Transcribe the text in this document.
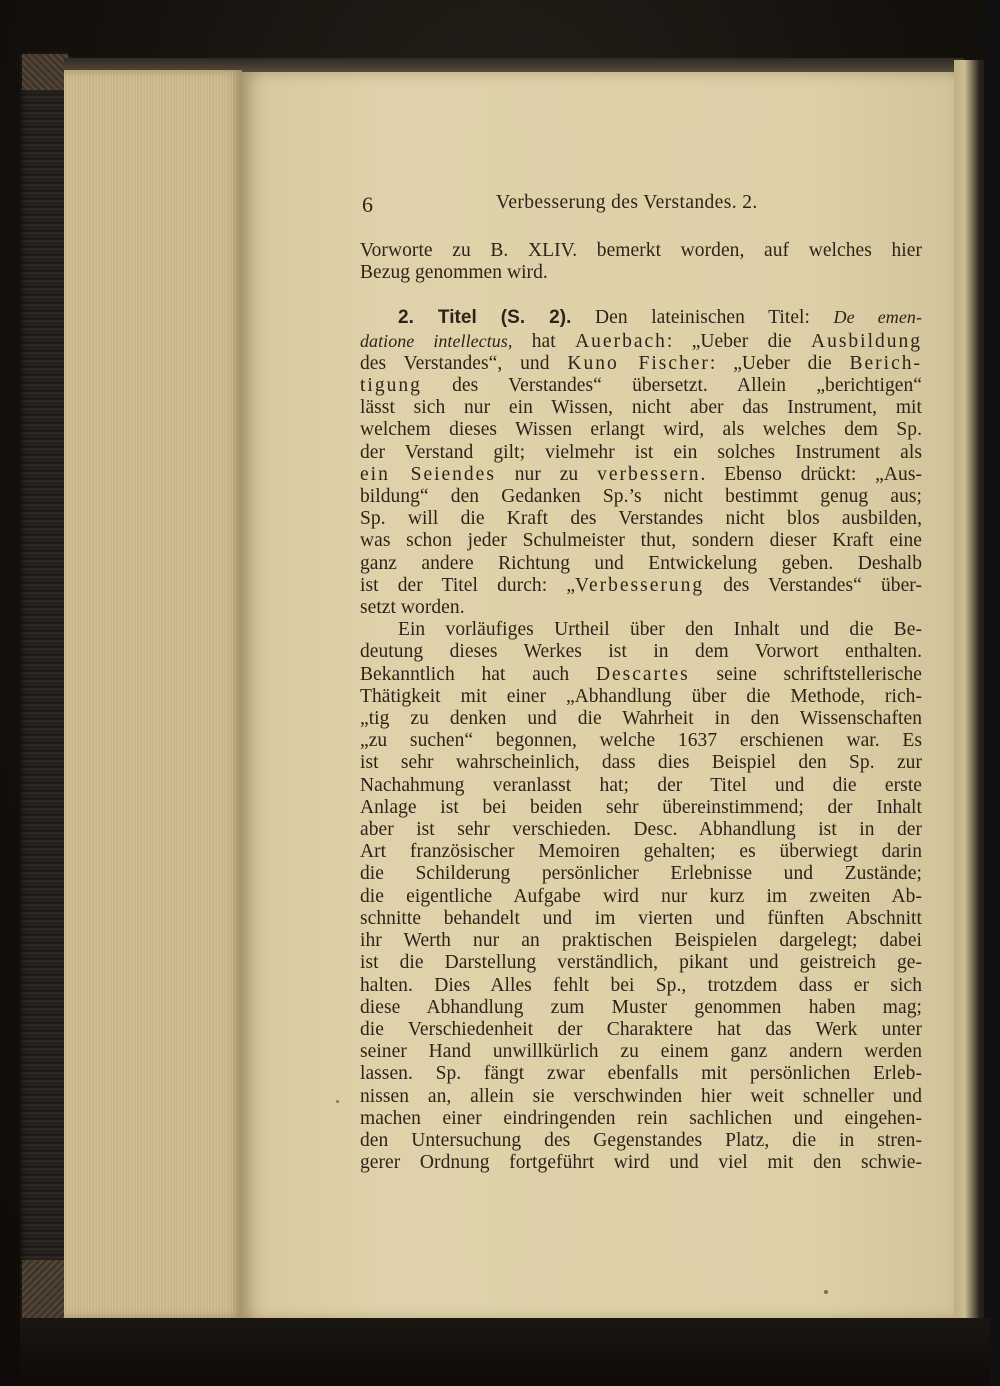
6	Verbesserung des Verstandes. 2.
Vorworte zu B. XLIV. bemerkt worden, auf welches hier
Bezug genommen wird.
2. Titel (S. 2). Den lateinischen Titel: De emen-
datione intellectus, hat Auerbach: „Ueber die Ausbildung
des Verstandes“, und Kuno Fischer: „Ueber die Berich-
tigung des Verstandes“ übersetzt. Allein „berichtigen“
lässt sich nur ein Wissen, nicht aber das Instrument, mit
welchem dieses Wissen erlangt wird, als welches dem Sp.
der Verstand gilt; vielmehr ist ein solches Instrument als
ein Seiendes nur zu verbessern. Ebenso drückt: „Aus-
bildung“ den Gedanken Sp.’s nicht bestimmt genug aus;
Sp. will die Kraft des Verstandes nicht blos ausbilden,
was schon jeder Schulmeister thut, sondern dieser Kraft eine
ganz andere Richtung und Entwickelung geben. Deshalb
ist der Titel durch: „Verbesserung des Verstandes“ über-
setzt worden.
Ein vorläufiges Urtheil über den Inhalt und die Be-
deutung dieses Werkes ist in dem Vorwort enthalten.
Bekanntlich hat auch Descartes seine schriftstellerische
Thätigkeit mit einer „Abhandlung über die Methode, rich-
„tig zu denken und die Wahrheit in den Wissenschaften
„zu suchen“ begonnen, welche 1637 erschienen war. Es
ist sehr wahrscheinlich, dass dies Beispiel den Sp. zur
Nachahmung veranlasst hat; der Titel und die erste
Anlage ist bei beiden sehr übereinstimmend; der Inhalt
aber ist sehr verschieden. Desc. Abhandlung ist in der
Art französischer Memoiren gehalten; es überwiegt darin
die Schilderung persönlicher Erlebnisse und Zustände;
die eigentliche Aufgabe wird nur kurz im zweiten Ab-
schnitte behandelt und im vierten und fünften Abschnitt
ihr Werth nur an praktischen Beispielen dargelegt; dabei
ist die Darstellung verständlich, pikant und geistreich ge-
halten. Dies Alles fehlt bei Sp., trotzdem dass er sich
diese Abhandlung zum Muster genommen haben mag;
die Verschiedenheit der Charaktere hat das Werk unter
seiner Hand unwillkürlich zu einem ganz andern werden
lassen. Sp. fängt zwar ebenfalls mit persönlichen Erleb-
nissen an, allein sie verschwinden hier weit schneller und
machen einer eindringenden rein sachlichen und eingehen-
den Untersuchung des Gegenstandes Platz, die in stren-
gerer Ordnung fortgeführt wird und viel mit den schwie-
